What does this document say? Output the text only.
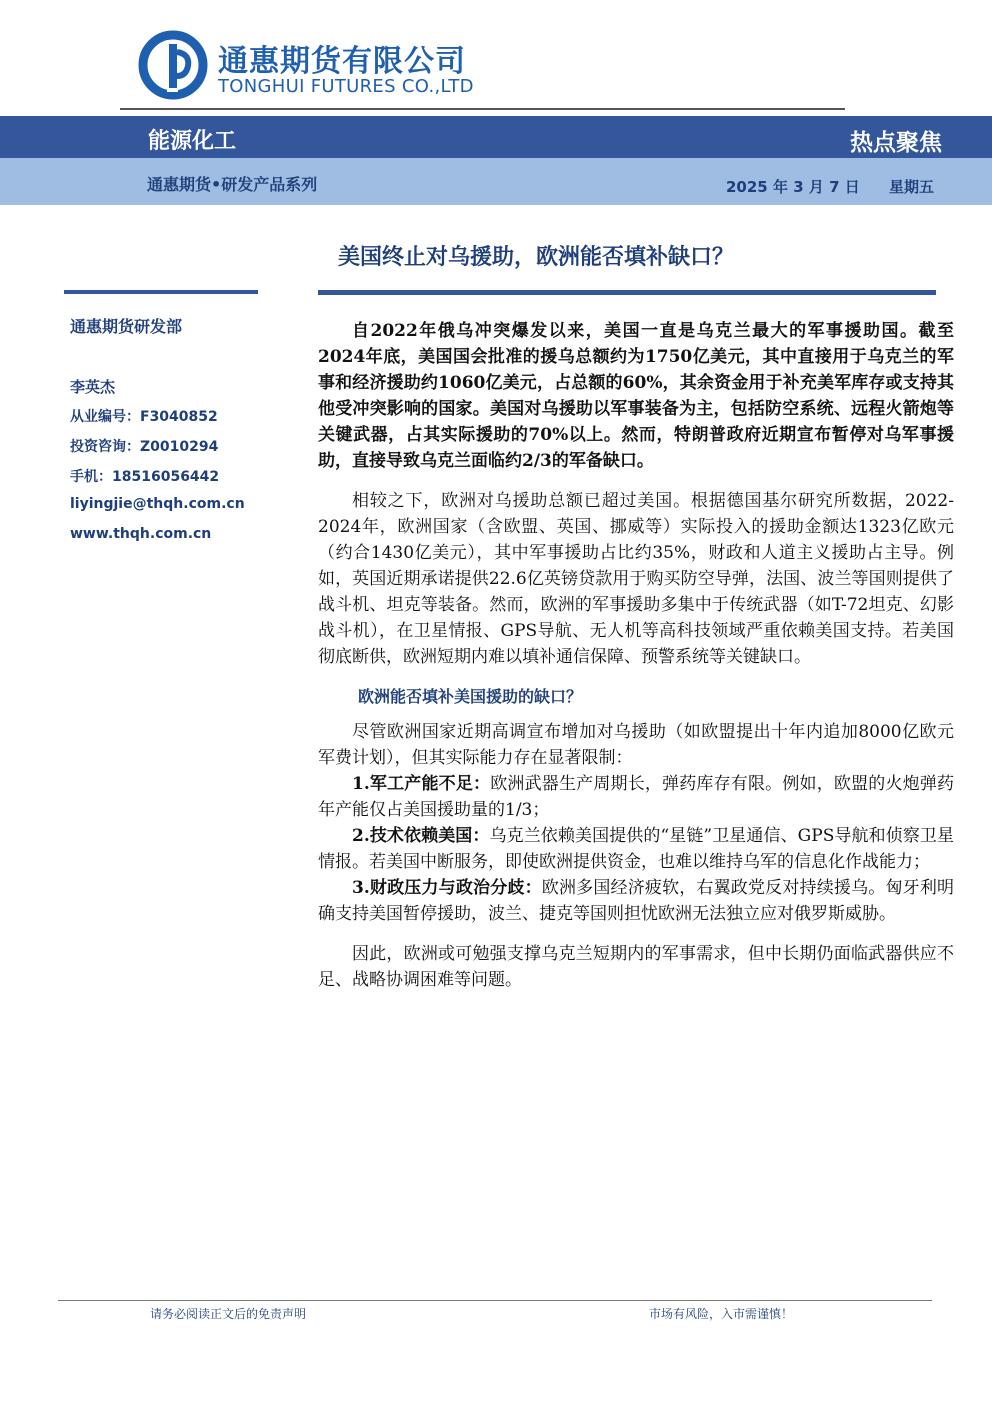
通惠期货有限公司
TONGHUI FUTURES CO.,LTD
能源化工	热点聚焦
通惠期货•研发产品系列	2025 年 3 月 7 日 星期五
美国终止对乌援助，欧洲能否填补缺口？
通惠期货研发部
李英杰
从业编号：F3040852
投资咨询：Z0010294
手机：18516056442
liyingjie@thqh.com.cn
www.thqh.com.cn

自2022年俄乌冲突爆发以来，美国一直是乌克兰最大的军事援助国。截至2024年底，美国国会批准的援乌总额约为1750亿美元，其中直接用于乌克兰的军事和经济援助约1060亿美元，占总额的60%，其余资金用于补充美军库存或支持其他受冲突影响的国家。美国对乌援助以军事装备为主，包括防空系统、远程火箭炮等关键武器，占其实际援助的70%以上。然而，特朗普政府近期宣布暂停对乌军事援助，直接导致乌克兰面临约2/3的军备缺口。

相较之下，欧洲对乌援助总额已超过美国。根据德国基尔研究所数据，2022-2024年，欧洲国家（含欧盟、英国、挪威等）实际投入的援助金额达1323亿欧元（约合1430亿美元），其中军事援助占比约35%，财政和人道主义援助占主导。例如，英国近期承诺提供22.6亿英镑贷款用于购买防空导弹，法国、波兰等国则提供了战斗机、坦克等装备。然而，欧洲的军事援助多集中于传统武器（如T-72坦克、幻影战斗机），在卫星情报、GPS导航、无人机等高科技领域严重依赖美国支持。若美国彻底断供，欧洲短期内难以填补通信保障、预警系统等关键缺口。

欧洲能否填补美国援助的缺口？

尽管欧洲国家近期高调宣布增加对乌援助（如欧盟提出十年内追加8000亿欧元军费计划），但其实际能力存在显著限制：

1.军工产能不足：欧洲武器生产周期长，弹药库存有限。例如，欧盟的火炮弹药年产能仅占美国援助量的1/3；

2.技术依赖美国：乌克兰依赖美国提供的“星链”卫星通信、GPS导航和侦察卫星情报。若美国中断服务，即使欧洲提供资金，也难以维持乌军的信息化作战能力；

3.财政压力与政治分歧：欧洲多国经济疲软，右翼政党反对持续援乌。匈牙利明确支持美国暂停援助，波兰、捷克等国则担忧欧洲无法独立应对俄罗斯威胁。

因此，欧洲或可勉强支撑乌克兰短期内的军事需求，但中长期仍面临武器供应不足、战略协调困难等问题。

请务必阅读正文后的免责声明	市场有风险，入市需谨慎！
